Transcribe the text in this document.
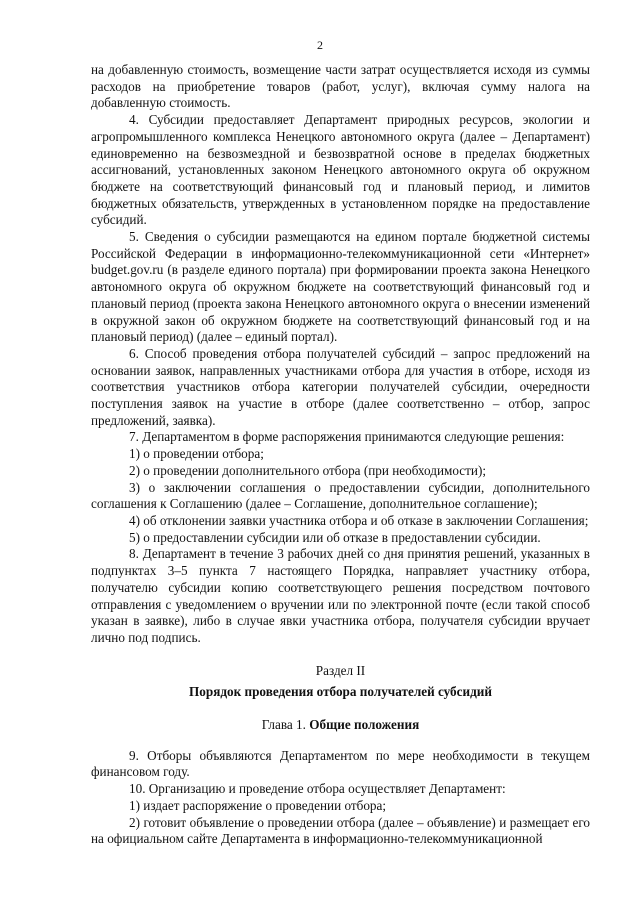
2

на добавленную стоимость, возмещение части затрат осуществляется исходя из суммы расходов на приобретение товаров (работ, услуг), включая сумму налога на добавленную стоимость.

4. Субсидии предоставляет Департамент природных ресурсов, экологии и агропромышленного комплекса Ненецкого автономного округа (далее – Департамент) единовременно на безвозмездной и безвозвратной основе в пределах бюджетных ассигнований, установленных законом Ненецкого автономного округа об окружном бюджете на соответствующий финансовый год и плановый период, и лимитов бюджетных обязательств, утвержденных в установленном порядке на предоставление субсидий.

5. Сведения о субсидии размещаются на едином портале бюджетной системы Российской Федерации в информационно-телекоммуникационной сети «Интернет» budget.gov.ru (в разделе единого портала) при формировании проекта закона Ненецкого автономного округа об окружном бюджете на соответствующий финансовый год и плановый период (проекта закона Ненецкого автономного округа о внесении изменений в окружной закон об окружном бюджете на соответствующий финансовый год и на плановый период) (далее – единый портал).

6. Способ проведения отбора получателей субсидий – запрос предложений на основании заявок, направленных участниками отбора для участия в отборе, исходя из соответствия участников отбора категории получателей субсидии, очередности поступления заявок на участие в отборе (далее соответственно – отбор, запрос предложений, заявка).

7. Департаментом в форме распоряжения принимаются следующие решения:

1) о проведении отбора;

2) о проведении дополнительного отбора (при необходимости);

3) о заключении соглашения о предоставлении субсидии, дополнительного соглашения к Соглашению (далее – Соглашение, дополнительное соглашение);

4) об отклонении заявки участника отбора и об отказе в заключении Соглашения;

5) о предоставлении субсидии или об отказе в предоставлении субсидии.

8. Департамент в течение 3 рабочих дней со дня принятия решений, указанных в подпунктах 3–5 пункта 7 настоящего Порядка, направляет участнику отбора, получателю субсидии копию соответствующего решения посредством почтового отправления с уведомлением о вручении или по электронной почте (если такой способ указан в заявке), либо в случае явки участника отбора, получателя субсидии вручает лично под подпись.

Раздел II

Порядок проведения отбора получателей субсидий

Глава 1. Общие положения

9. Отборы объявляются Департаментом по мере необходимости в текущем финансовом году.

10. Организацию и проведение отбора осуществляет Департамент:

1) издает распоряжение о проведении отбора;

2) готовит объявление о проведении отбора (далее – объявление) и размещает его на официальном сайте Департамента в информационно-телекоммуникационной
